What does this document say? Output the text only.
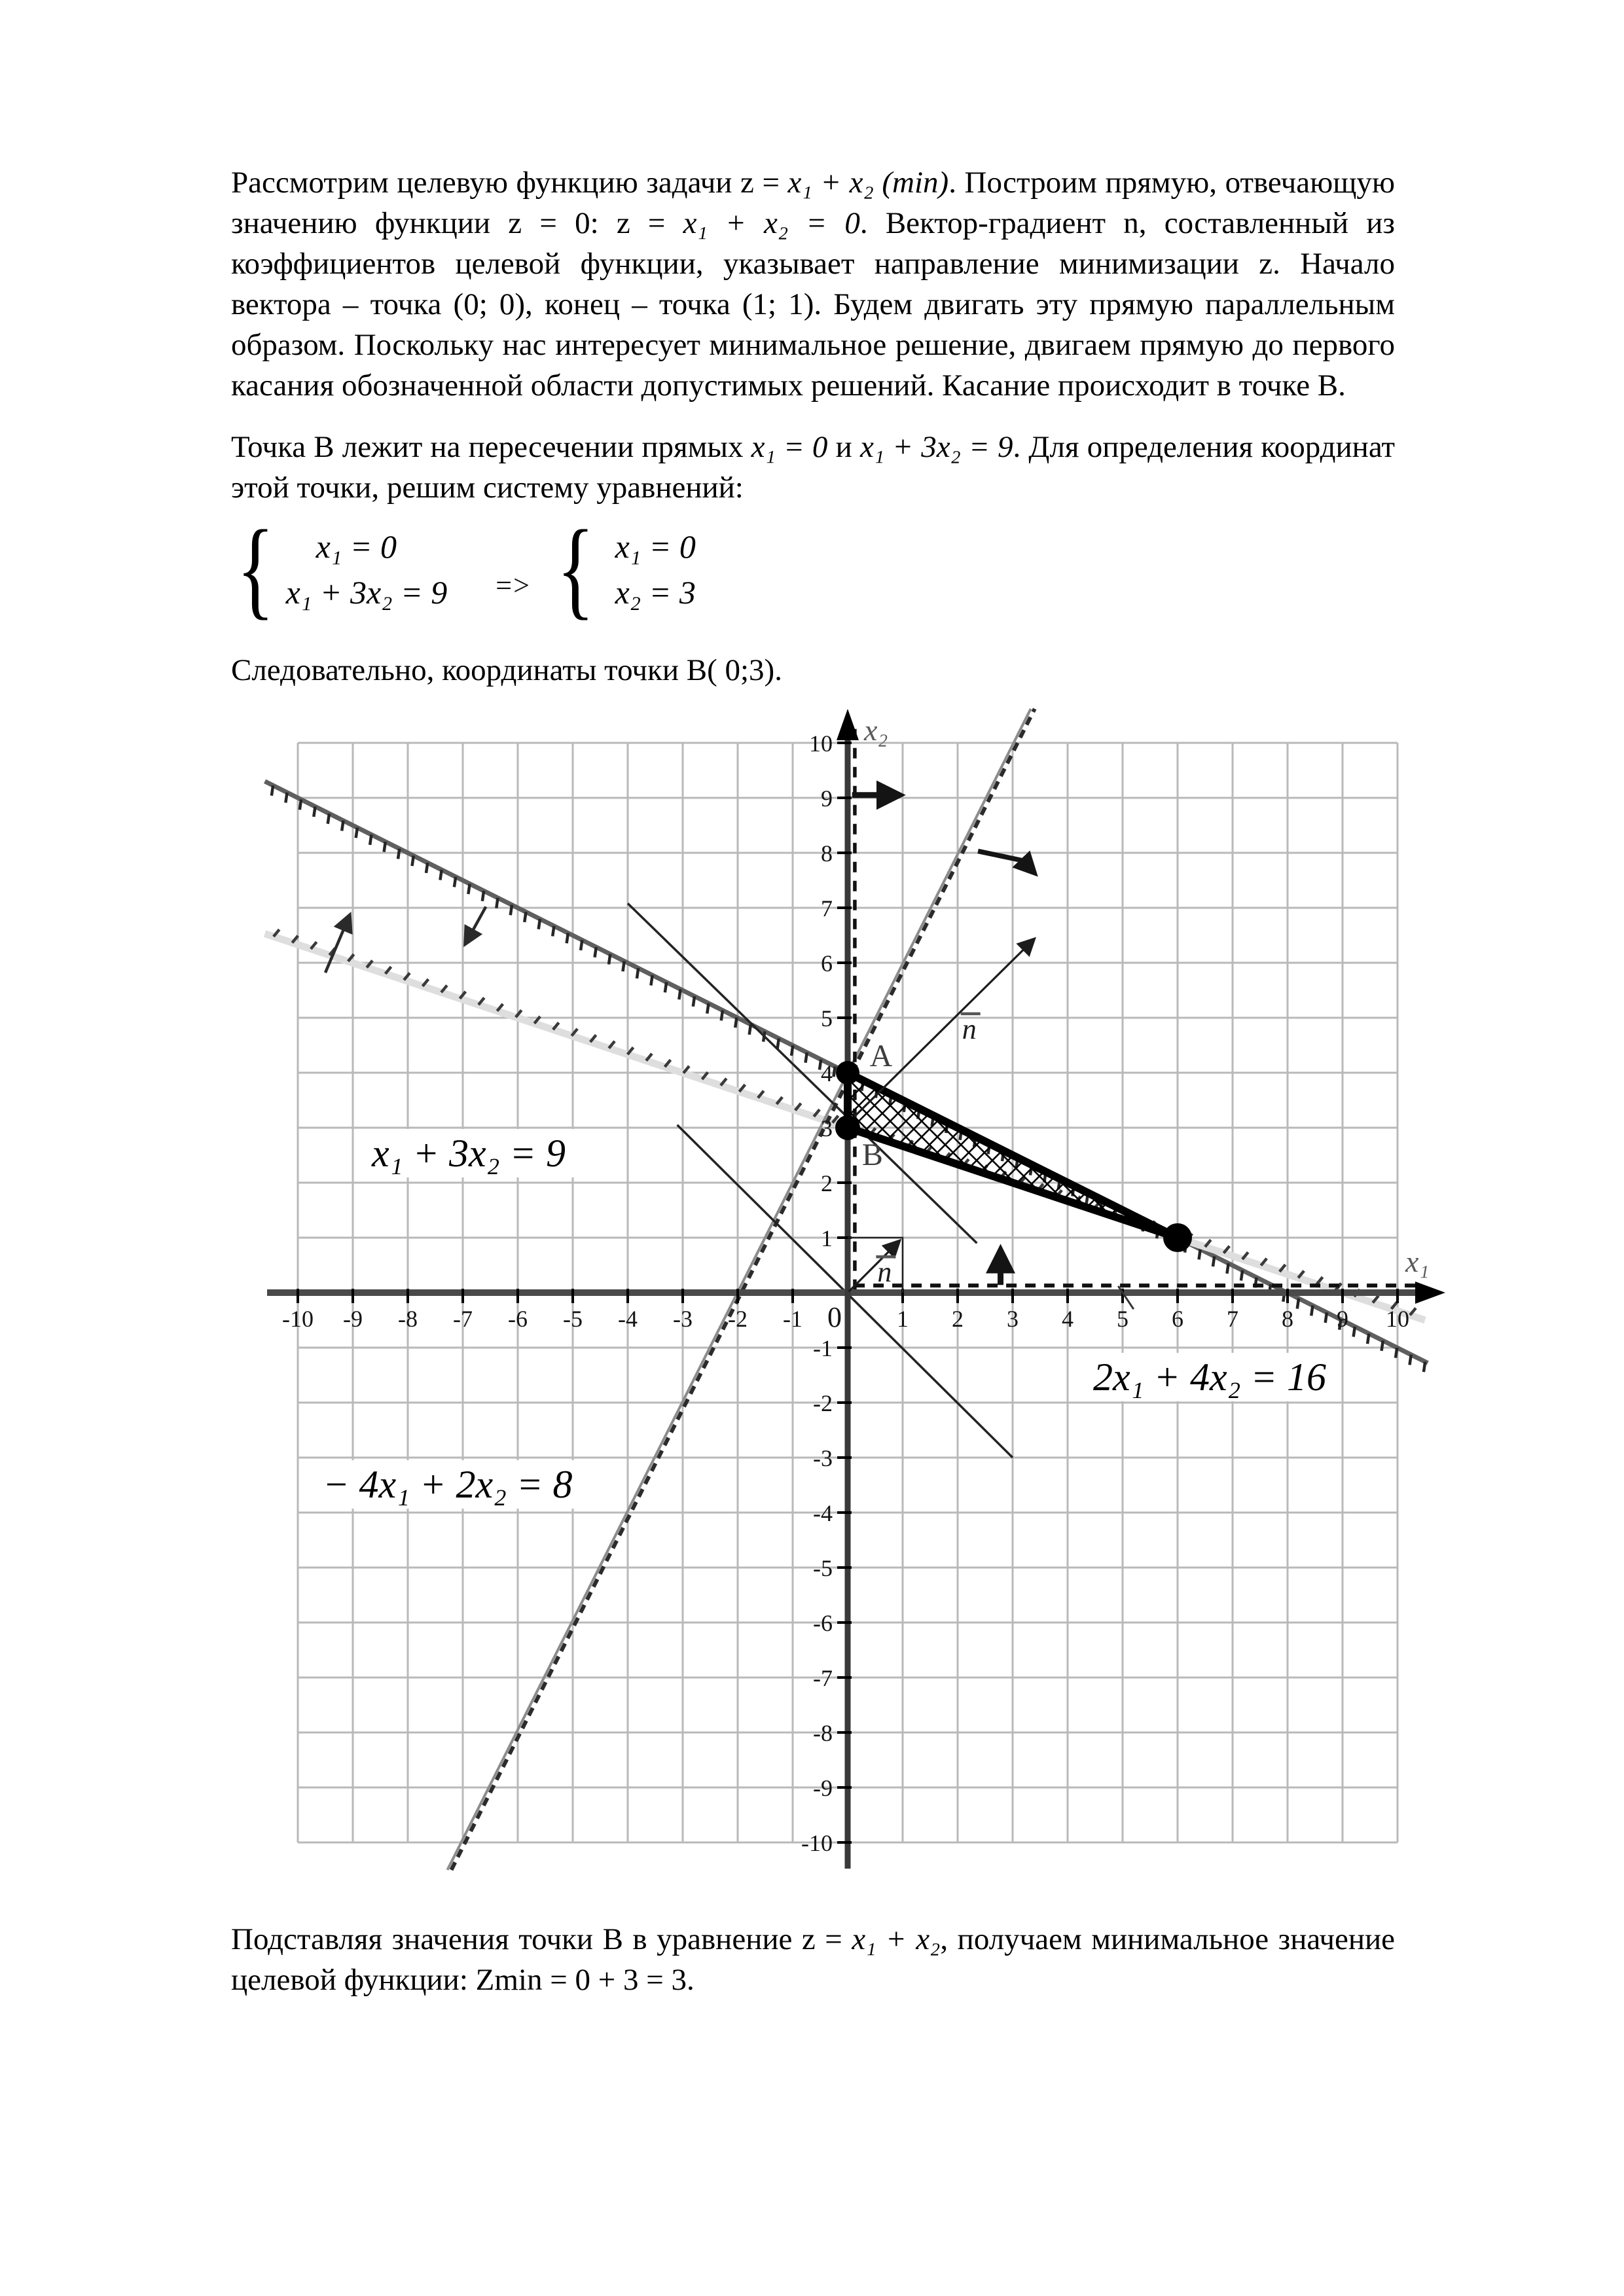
Рассмотрим целевую функцию задачи z = x₁ + x₂ (min). Построим прямую, отвечающую значению функции z = 0: z = x₁ + x₂ = 0. Вектор-градиент n, составленный из коэффициентов целевой функции, указывает направление минимизации z. Начало вектора – точка (0; 0), конец – точка (1; 1). Будем двигать эту прямую параллельным образом. Поскольку нас интересует минимальное решение, двигаем прямую до первого касания обозначенной области допустимых решений. Касание происходит в точке B.
Точка B лежит на пересечении прямых x₁ = 0 и x₁ + 3x₂ = 9. Для определения координат этой точки, решим систему уравнений:
{	x₁ = 0
x₁ + 3x₂ = 9 => { x₁ = 0
x₂ = 3
Следовательно, координаты точки B( 0;3).
-10 -9 -8 -7 -6 -5 -4 -3 -2 -1	1 2 3 4 5 6 7 8 9 10
10
9
8
7
6
5
4
3
2
1
-1
-2
-3
-4
-5
-6
-7
-8
-9
-10
0
x₂
x₁
A
B
n
n
x₁ + 3x₂ = 9
2x₁ + 4x₂ = 16
− 4x₁ + 2x₂ = 8
Подставляя значения точки B в уравнение z = x₁ + x₂, получаем минимальное значение целевой функции: Zmin = 0 + 3 = 3.
